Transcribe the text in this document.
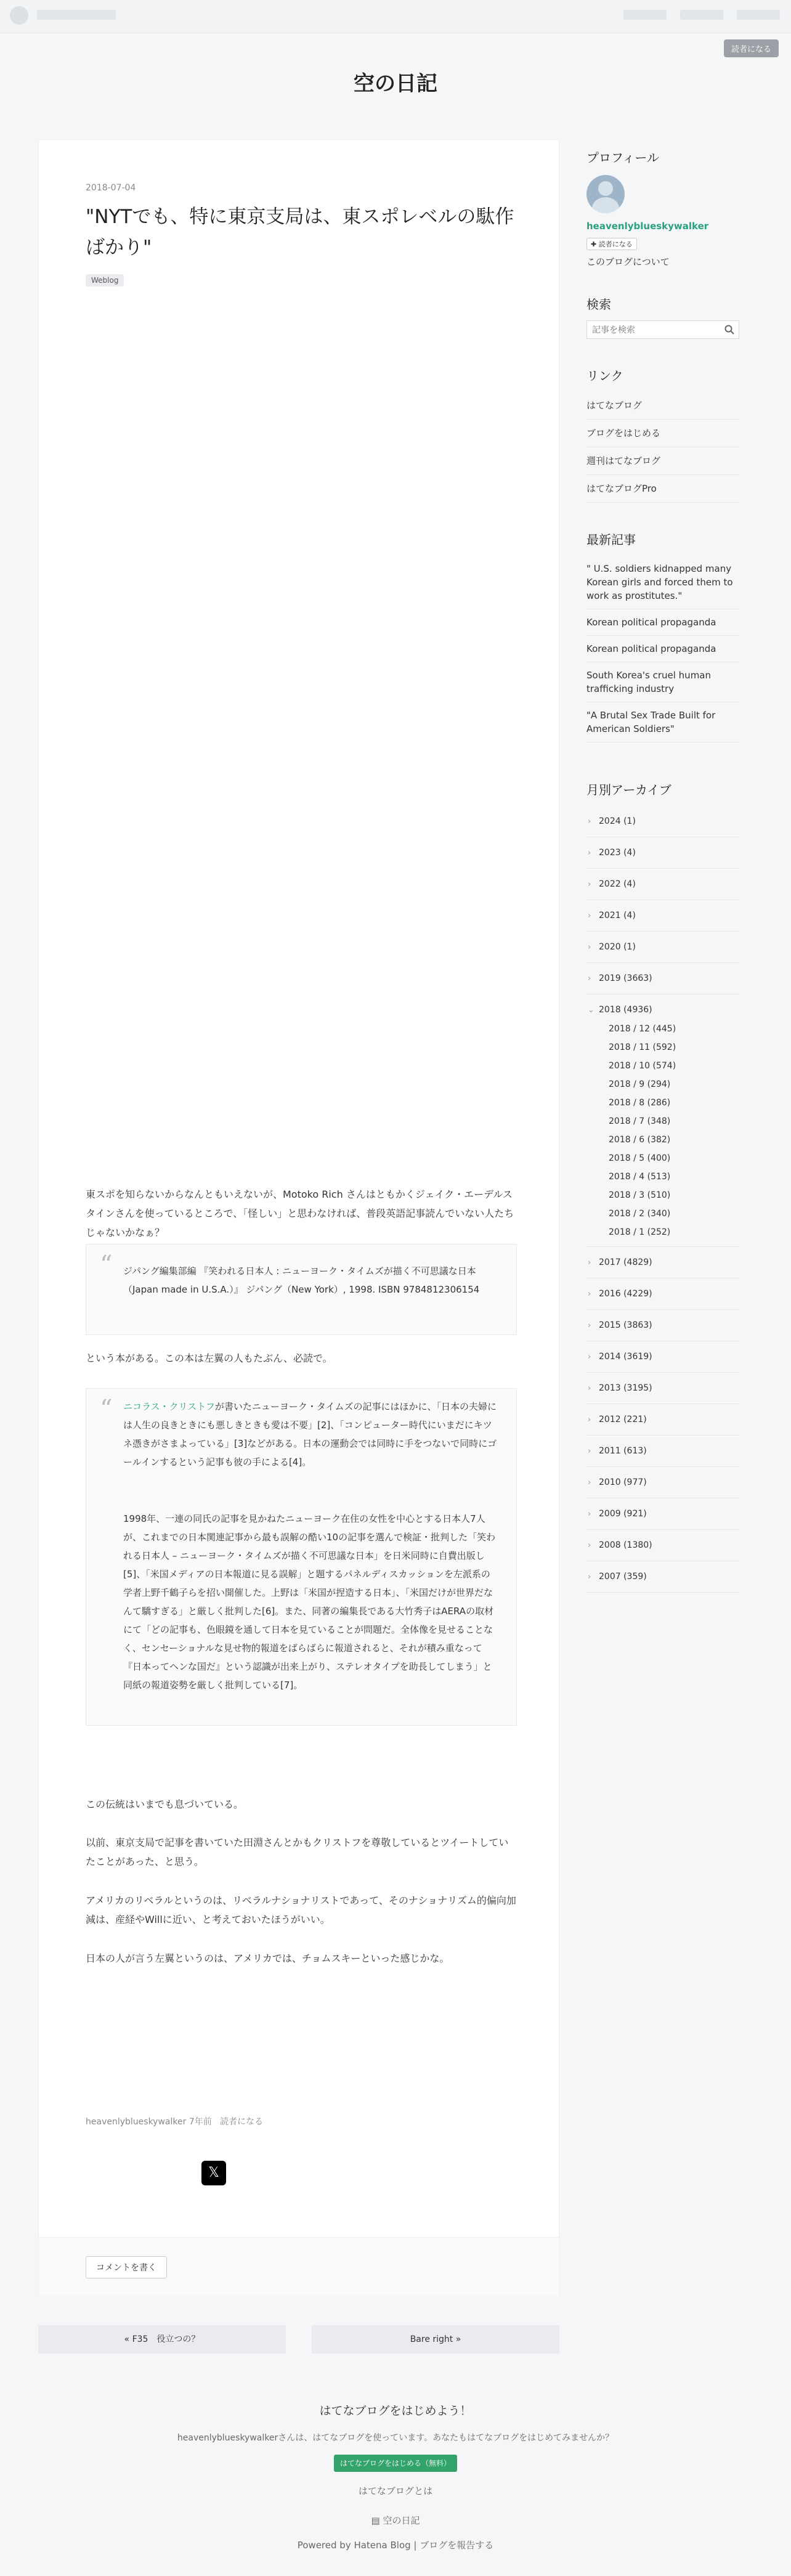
読者になる
空の日記
2018-07-04
"NYTでも、特に東京支局は、東スポレベルの駄作ばかり"
Weblog

東スポを知らないからなんともいえないが、Motoko Rich さんはともかくジェイク・エーデルスタインさんを使っているところで、「怪しい」と思わなければ、普段英語記事読んでいない人たちじゃないかなぁ？

“ ジパング編集部編 『笑われる日本人 : ニューヨーク・タイムズが描く不可思議な日本（Japan made in U.S.A.）』 ジパング（New York）, 1998. ISBN 9784812306154

という本がある。この本は左翼の人もたぶん、必読で。

“ ニコラス・クリストフが書いたニューヨーク・タイムズの記事にはほかに、「日本の夫婦には人生の良きときにも悪しきときも愛は不要」[2]、「コンピューター時代にいまだにキツネ憑きがさまよっている」[3]などがある。日本の運動会では同時に手をつないで同時にゴールインするという記事も彼の手による[4]。
1998年、一連の同氏の記事を見かねたニューヨーク在住の女性を中心とする日本人7人が、これまでの日本関連記事から最も誤解の酷い10の記事を選んで検証・批判した「笑われる日本人 – ニューヨーク・タイムズが描く不可思議な日本」を日米同時に自費出版し[5]、「米国メディアの日本報道に見る誤解」と題するパネルディスカッションを左派系の学者上野千鶴子らを招い開催した。上野は「米国が捏造する日本」、「米国だけが世界だなんて驕すぎる」と厳しく批判した[6]。また、同著の編集長である大竹秀子はAERAの取材にて「どの記事も、色眼鏡を通して日本を見ていることが問題だ。全体像を見せることなく、センセーショナルな見せ物的報道をばらばらに報道されると、それが積み重なって『日本ってヘンな国だ』という認識が出来上がり、ステレオタイプを助長してしまう」と同紙の報道姿勢を厳しく批判している[7]。

この伝統はいまでも息づいている。

以前、東京支局で記事を書いていた田淵さんとかもクリストフを尊敬しているとツイートしていたことがあった、と思う。

アメリカのリベラルというのは、リベラルナショナリストであって、そのナショナリズム的偏向加減は、産経やWillに近い、と考えておいたほうがいい。

日本の人が言う左翼というのは、アメリカでは、チョムスキーといった感じかな。

heavenlyblueskywalker 7年前 読者になる
𝕏
コメントを書く
« F35　役立つの？	Bare right »
プロフィール
heavenlyblueskywalker
✚ 読者になる
このブログについて
検索
記事を検索
リンク
はてなブログ
ブログをはじめる
週刊はてなブログ
はてなブログPro
最新記事
" U.S. soldiers kidnapped many Korean girls and forced them to work as prostitutes."
Korean political propaganda
Korean political propaganda
South Korea's cruel human trafficking industry
"A Brutal Sex Trade Built for American Soldiers"
月別アーカイブ
› 2024 (1)
› 2023 (4)
› 2022 (4)
› 2021 (4)
› 2020 (1)
› 2019 (3663)
⌄ 2018 (4936)
2018 / 12 (445)
2018 / 11 (592)
2018 / 10 (574)
2018 / 9 (294)
2018 / 8 (286)
2018 / 7 (348)
2018 / 6 (382)
2018 / 5 (400)
2018 / 4 (513)
2018 / 3 (510)
2018 / 2 (340)
2018 / 1 (252)
› 2017 (4829)
› 2016 (4229)
› 2015 (3863)
› 2014 (3619)
› 2013 (3195)
› 2012 (221)
› 2011 (613)
› 2010 (977)
› 2009 (921)
› 2008 (1380)
› 2007 (359)
はてなブログをはじめよう！
heavenlyblueskywalkerさんは、はてなブログを使っています。あなたもはてなブログをはじめてみませんか？
はてなブログをはじめる（無料）
はてなブログとは
▤ 空の日記
Powered by Hatena Blog | ブログを報告する
